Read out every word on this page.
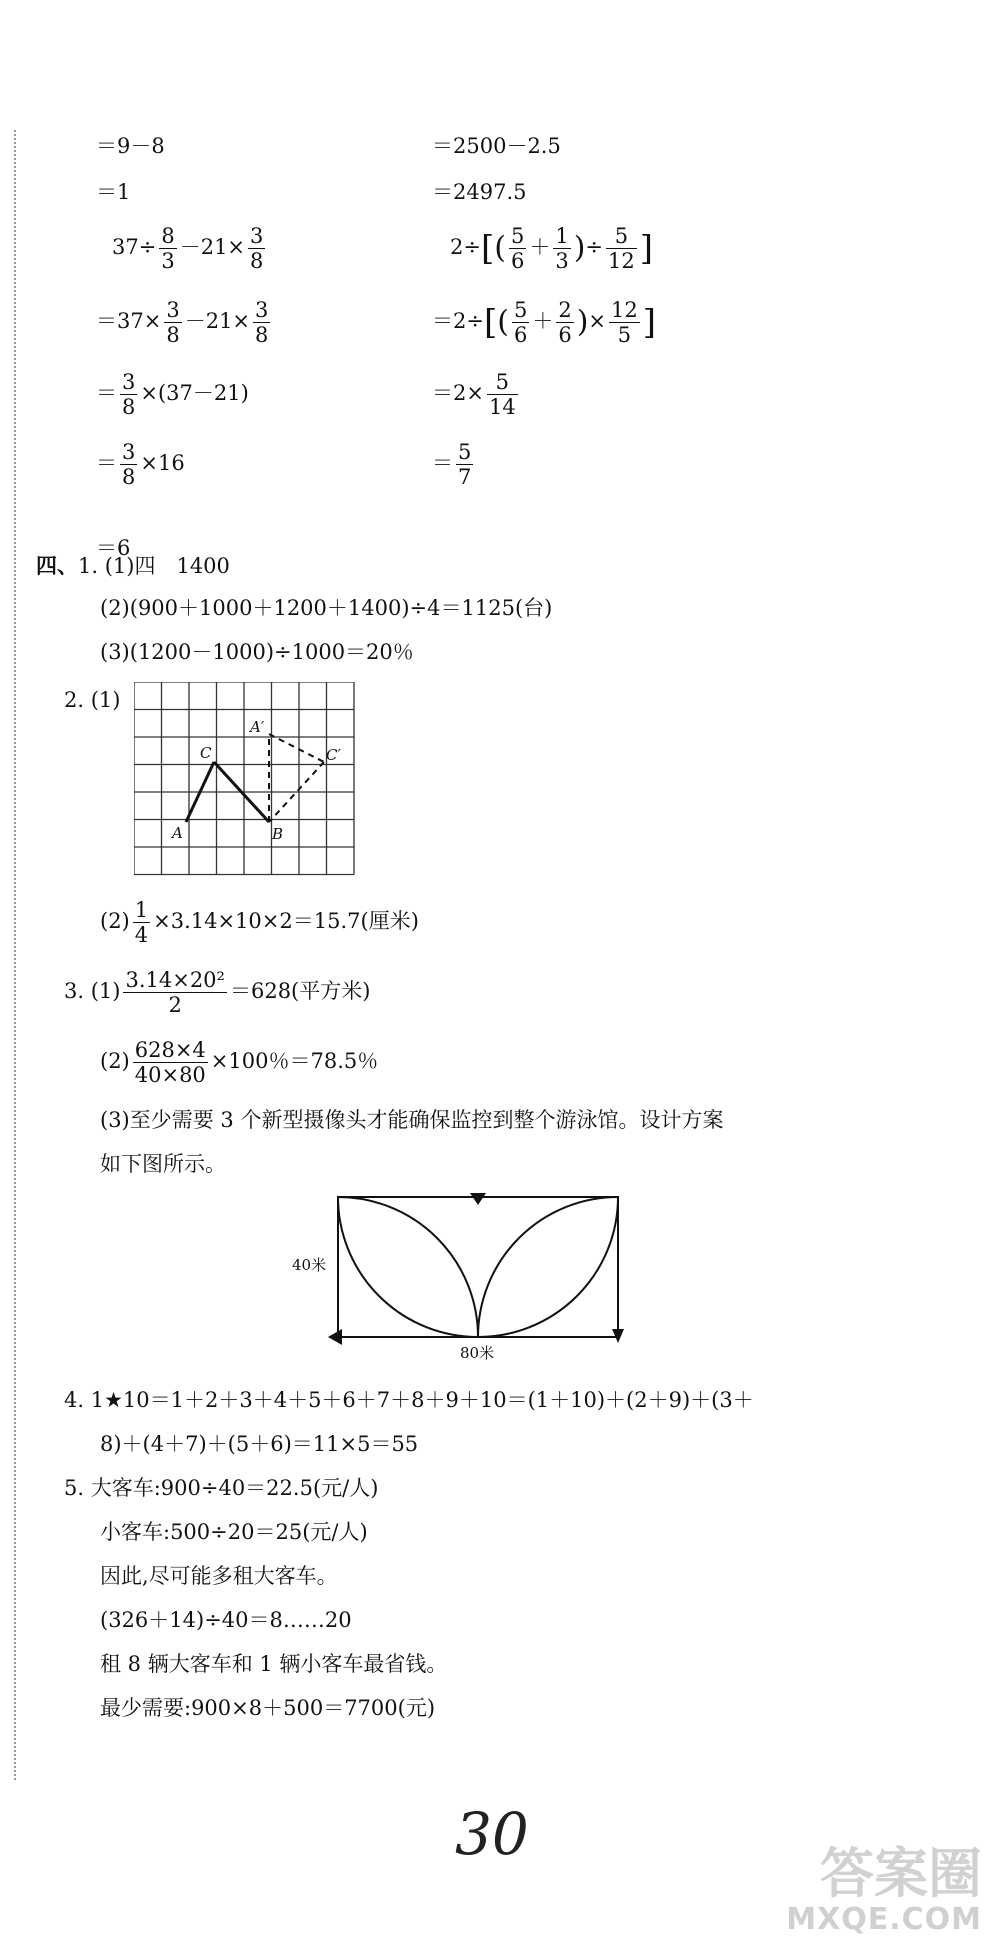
＝9－8
＝1
$37\div \frac{8}{3} -21\times \frac{3}{8}$
$=37\times \frac{3}{8} -21\times \frac{3}{8}$
＝ $\frac{3}{8} \times(37-21)$
＝ $\frac{3}{8} \times 16$
＝6
＝2500－2.5
＝2497.5
$2\div[( \frac{5}{6} + \frac{1}{3}$ )÷ $\frac{5}{12}$ ]
$=2\div[( \frac{5}{6} + \frac{2}{6}$ )× $\frac{12}{5}$ ]
$=2\times \frac{5}{14}$
＝ $\frac{5}{7}$
四、1. (1)四　1400
(2)(900＋1000＋1200＋1400)÷4＝1125(台)
(3)(1200－1000)÷1000＝20％
2. (1)
A	B
C
A′
C′
$(2) \frac{1}{4} \times 3.14\times 10\times 2=15.7$(厘米)
3. $(1) \frac{\text{3.14×20²}}{2} =628$(平方米)
$(2) \frac{628\times 4}{40\times 80} \times 100$％＝78.5％
(3)至少需要 3 个新型摄像头才能确保监控到整个游泳馆。设计方案
如下图所示。
40米
80米
4. 1★10＝1＋2＋3＋4＋5＋6＋7＋8＋9＋10＝(1＋10)＋(2＋9)＋(3＋
8)＋(4＋7)＋(5＋6)＝11×5＝55
5. 大客车:900÷40＝22.5(元/人)
小客车:500÷20＝25(元/人)
因此,尽可能多租大客车。
(326＋14)÷40＝8……20
租 8 辆大客车和 1 辆小客车最省钱。
最少需要:900×8＋500＝7700(元)
30
答案圈
MXQE.COM
